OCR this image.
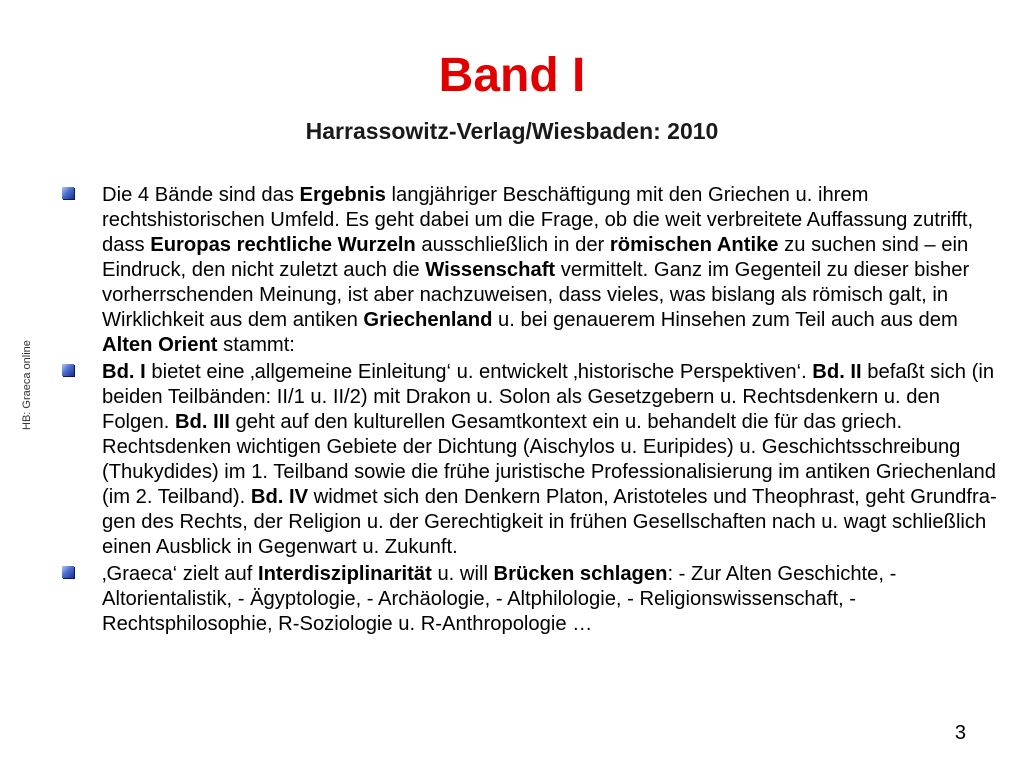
Band I
Harrassowitz-Verlag/Wiesbaden: 2010
HB: Graeca online
Die 4 Bände sind das Ergebnis langjähriger Beschäftigung mit den Griechen u. ihrem rechtshistorischen Umfeld. Es geht dabei um die Frage, ob die weit verbreitete Auffassung zutrifft, dass Europas rechtliche Wurzeln ausschließlich in der römischen Antike zu suchen sind – ein Eindruck, den nicht zuletzt auch die Wissenschaft vermittelt. Ganz im Gegenteil zu dieser bisher vorherrschenden Meinung, ist aber nachzuweisen, dass vieles, was bislang als römisch galt, in Wirklichkeit aus dem antiken Griechenland u. bei genauerem Hinsehen zum Teil auch aus dem Alten Orient stammt:
Bd. I bietet eine ‚allgemeine Einleitung‘ u. entwickelt ‚historische Perspektiven‘. Bd. II befaßt sich (in beiden Teilbänden: II/1 u. II/2) mit Drakon u. Solon als Gesetzgebern u. Rechtsdenkern u. den Folgen. Bd. III geht auf den kulturellen Gesamtkontext ein u. behandelt die für das griech. Rechtsdenken wichtigen Gebiete der Dichtung (Aischylos u. Euripides) u. Geschichtsschreibung (Thukydides) im 1. Teilband sowie die frühe juristische Professionalisierung im antiken Griechenland (im 2. Teilband). Bd. IV widmet sich den Denkern Platon, Aristoteles und Theophrast, geht Grundfra-gen des Rechts, der Religion u. der Gerechtigkeit in frühen Gesellschaften nach u. wagt schließlich einen Ausblick in Gegenwart u. Zukunft.
‚Graeca‘ zielt auf Interdisziplinarität u. will Brücken schlagen: - Zur Alten Geschichte, - Altorientalistik, - Ägyptologie, - Archäologie, - Altphilologie, - Religionswissenschaft, - Rechtsphilosophie, R-Soziologie u. R-Anthropologie …
3
